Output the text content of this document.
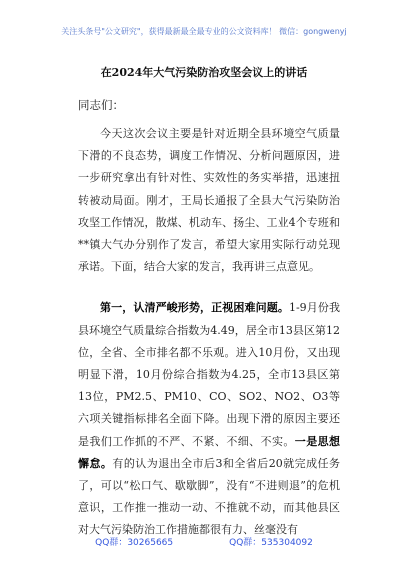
关注头条号"公文研究"，获得最新最全最专业的公文资料库！ 微信：gongwenyj
在2024年大气污染防治攻坚会议上的讲话
同志们：

今天这次会议主要是针对近期全县环境空气质量下滑的不良态势，调度工作情况、分析问题原因，进一步研究拿出有针对性、实效性的务实举措，迅速扭转被动局面。刚才，王局长通报了全县大气污染防治攻坚工作情况，散煤、机动车、扬尘、工业4个专班和**镇大气办分别作了发言，希望大家用实际行动兑现承诺。下面，结合大家的发言，我再讲三点意见。

第一，认清严峻形势，正视困难问题。1-9月份我县环境空气质量综合指数为4.49，居全市13县区第12位，全省、全市排名都不乐观。进入10月份，又出现明显下滑，10月份综合指数为4.25，全市13县区第13位，PM2.5、PM10、CO、SO2、NO2、O3等六项关键指标排名全面下降。出现下滑的原因主要还是我们工作抓的不严、不紧、不细、不实。一是思想懈怠。有的认为退出全市后3和全省后20就完成任务了，可以“松口气、歇歇脚”，没有“不进则退”的危机意识，工作推一推动一动、不推就不动，而其他县区对大气污染防治工作措施都很有力、丝毫没有

QQ群：30265665	QQ群：535304092
